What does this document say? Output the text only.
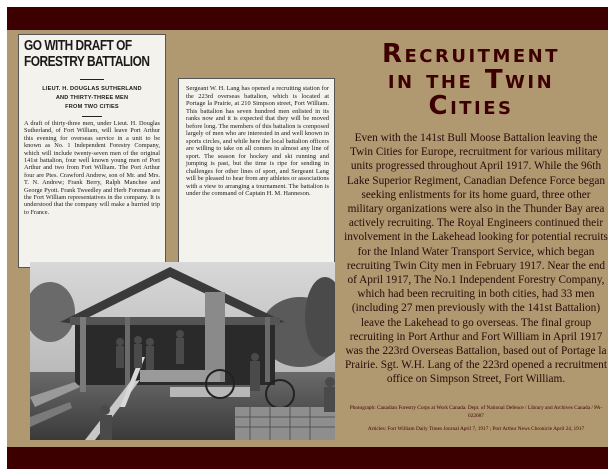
GO WITH DRAFT OF
FORESTRY BATTALION
LIEUT. H. DOUGLAS SUTHERLAND
AND THIRTY-THREE MEN
FROM TWO CITIES
A draft of thirty-three men, under Lieut. H. Douglas Sutherland, of Fort William, will leave Port Arthur this evening for overseas service in a unit to be known as No. 1 Independent Forestry Company, which will include twenty-seven men of the original 141st battalion, four well known young men of Port Arthur and two from Fort William. The Port Arthur four are Ptes. Crawford Andrew, son of Mr. and Mrs. T. N. Andrew; Frank Berry, Ralph Manchee and George Pyott. Frank Tweedley and Herb Foreman are the Fort William representatives in the company. It is understood that the company will make a hurried trip to France.
Sergeant W. H. Lang has opened a recruiting station for the 223rd overseas battalion, which is located at Portage la Prairie, at 210 Simpson street, Fort William. This battalion has seven hundred men enlisted in its ranks now and it is expected that they will be moved before long. The members of this battalion is composed largely of men who are interested in and well known in sports circles, and while here the local battalion officers are willing to take on all comers in almost any line of sport. The season for hockey and ski running and jumping is past, but the time is ripe for sending in challenges for other lines of sport, and Sergeant Lang will be pleased to hear from any athletes or associations with a view to arranging a tournament. The battalion is under the command of Captain H. M. Hanneson.
Recruitment
in the Twin
Cities
Even with the 141st Bull Moose Battalion leaving the Twin Cities for Europe, recruitment for various military units progressed throughout April 1917. While the 96th Lake Superior Regiment, Canadian Defence Force began seeking enlistments for its home guard, three other military organizations were also in the Thunder Bay area actively recruiting. The Royal Engineers continued their involvement in the Lakehead looking for potential recruits for the Inland Water Transport Service, which began recruiting Twin City men in February 1917. Near the end of April 1917, The No.1 Independent Forestry Company, which had been recruiting in both cities, had 33 men (including 27 men previously with the 141st Battalion) leave the Lakehead to go overseas. The final group recruiting in Port Arthur and Fort William in April 1917 was the 223rd Overseas Battalion, based out of Portage la Prairie. Sgt. W.H. Lang of the 223rd opened a recruitment office on Simpson Street, Fort William.

Photograph: Canadian Forestry Corps at Work Canada. Dept. of National Defence / Library and Archives Canada / PA-022687

Articles: Fort William Daily Times Journal April 7, 1917 ; Port Arthur News Chronicle April 24, 1917
